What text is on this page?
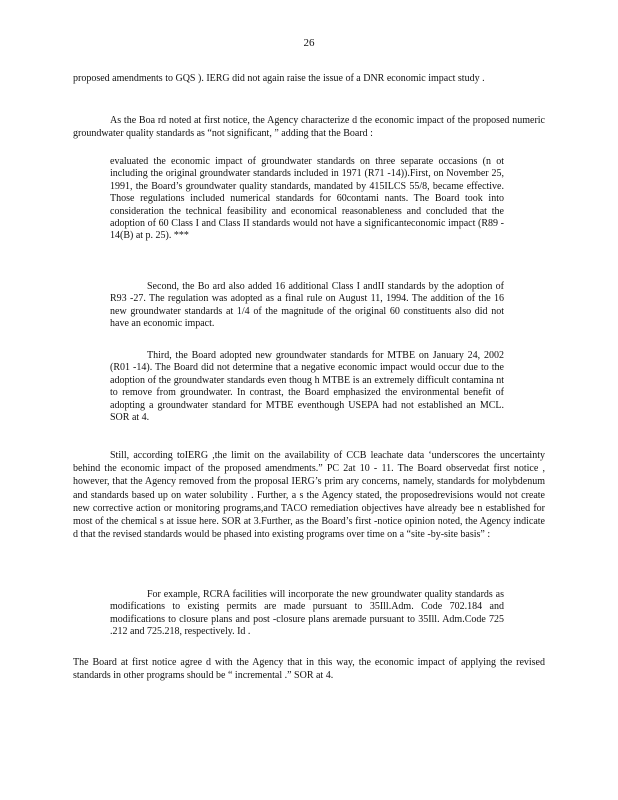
26

proposed amendments to GQS ). IERG did not again raise the issue of a DNR economic impact study .

As the Boa rd noted at first notice, the Agency characterize d the economic impact of the proposed numeric groundwater quality standards as “not significant, ” adding that the Board :

evaluated the economic impact of groundwater standards on three separate occasions (n ot including the original groundwater standards included in 1971 (R71 -14)).First, on November 25, 1991, the Board’s groundwater quality standards, mandated by 415ILCS 55/8, became effective. Those regulations included numerical standards for 60contami nants. The Board took into consideration the technical feasibility and economical reasonableness and concluded that the adoption of 60 Class I and Class II standards would not have a significanteconomic impact (R89 - 14(B) at p. 25). ***

Second, the Bo ard also added 16 additional Class I andII standards by the adoption of R93 -27. The regulation was adopted as a final rule on August 11, 1994. The addition of the 16 new groundwater standards at 1/4 of the magnitude of the original 60 constituents also did not have an economic impact.

Third, the Board adopted new groundwater standards for MTBE on January 24, 2002 (R01 -14). The Board did not determine that a negative economic impact would occur due to the adoption of the groundwater standards even thoug h MTBE is an extremely difficult contamina nt to remove from groundwater. In contrast, the Board emphasized the environmental benefit of adopting a groundwater standard for MTBE eventhough USEPA had not established an MCL. SOR at 4.

Still, according toIERG ,the limit on the availability of CCB leachate data ‘underscores the uncertainty behind the economic impact of the proposed amendments.” PC 2at 10 - 11. The Board observedat first notice , however, that the Agency removed from the proposal IERG’s prim ary concerns, namely, standards for molybdenum and standards based up on water solubility . Further, a s the Agency stated, the proposedrevisions would not create new corrective action or monitoring programs,and TACO remediation objectives have already bee n established for most of the chemical s at issue here. SOR at 3.Further, as the Board’s first -notice opinion noted, the Agency indicate d that the revised standards would be phased into existing programs over time on a “site -by-site basis” :

For example, RCRA facilities will incorporate the new groundwater quality standards as modifications to existing permits are made pursuant to 35Ill.Adm. Code 702.184 and modifications to closure plans and post -closure plans aremade pursuant to 35Ill. Adm.Code 725 .212 and 725.218, respectively. Id .

The Board at first notice agree d with the Agency that in this way, the economic impact of applying the revised standards in other programs should be “ incremental .” SOR at 4.
